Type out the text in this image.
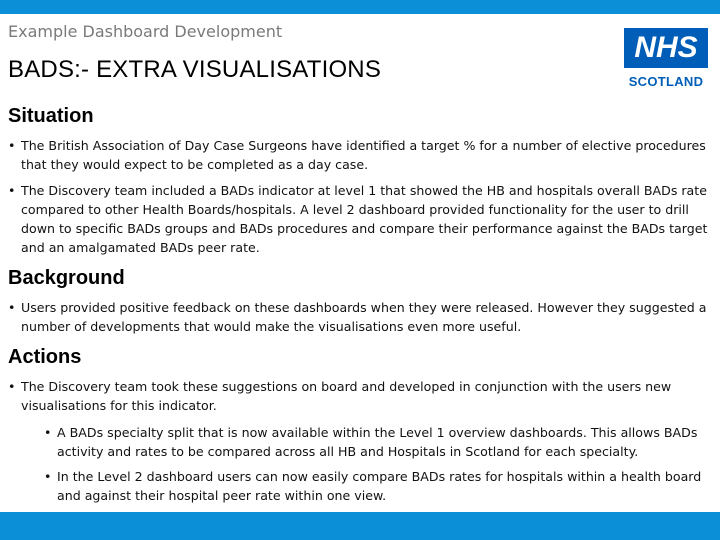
Example Dashboard Development
BADS:- EXTRA VISUALISATIONS
NHS
SCOTLAND
Situation
• The British Association of Day Case Surgeons have identified a target % for a number of elective procedures that they would expect to be completed as a day case.
• The Discovery team included a BADs indicator at level 1 that showed the HB and hospitals overall BADs rate compared to other Health Boards/hospitals. A level 2 dashboard provided functionality for the user to drill down to specific BADs groups and BADs procedures and compare their performance against the BADs target and an amalgamated BADs peer rate.
Background
• Users provided positive feedback on these dashboards when they were released. However they suggested a number of developments that would make the visualisations even more useful.
Actions
• The Discovery team took these suggestions on board and developed in conjunction with the users new visualisations for this indicator.
• A BADs specialty split that is now available within the Level 1 overview dashboards. This allows BADs activity and rates to be compared across all HB and Hospitals in Scotland for each specialty.
• In the Level 2 dashboard users can now easily compare BADs rates for hospitals within a health board and against their hospital peer rate within one view.
